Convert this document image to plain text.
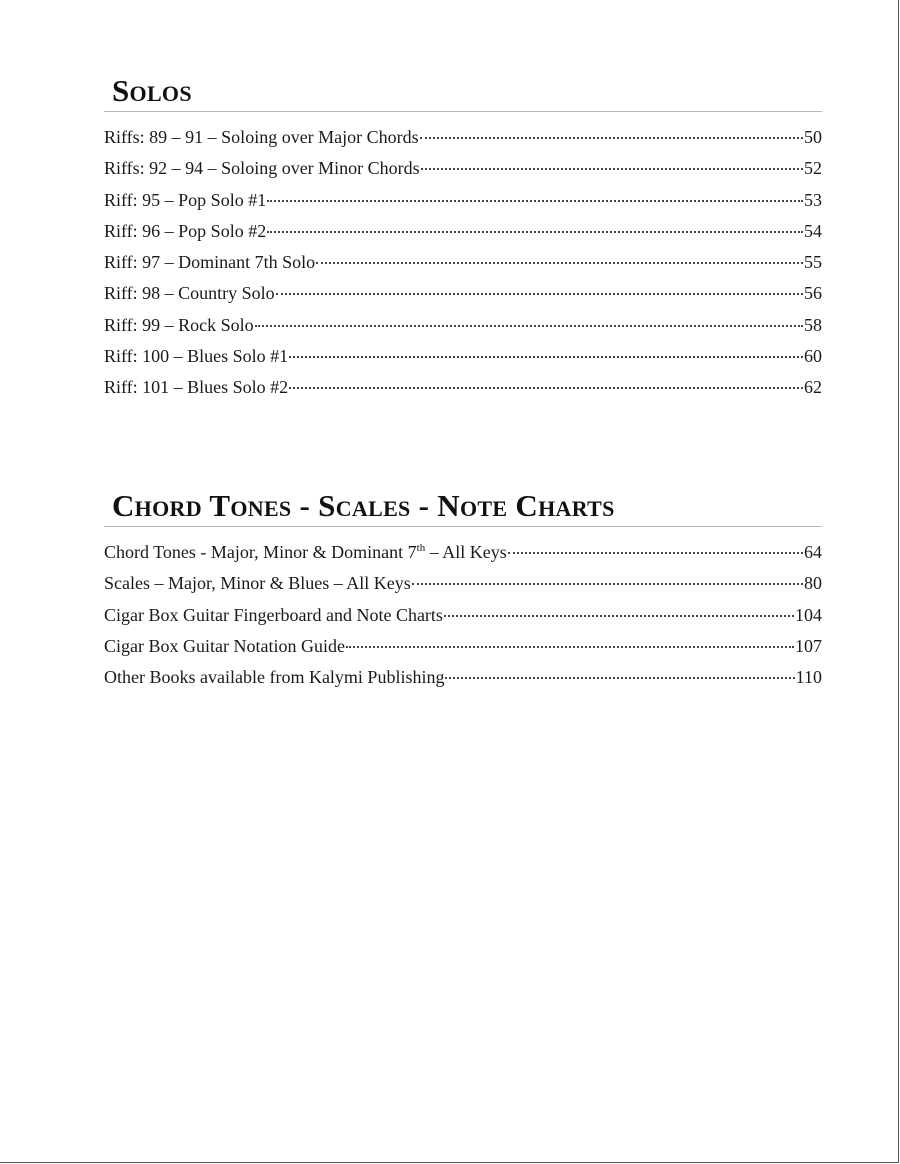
Solos
Riffs: 89 – 91 – Soloing over Major Chords	50
Riffs: 92 – 94 – Soloing over Minor Chords	52
Riff: 95 – Pop Solo #1	53
Riff: 96 – Pop Solo #2	54
Riff: 97 – Dominant 7th Solo	55
Riff: 98 – Country Solo	56
Riff: 99 – Rock Solo	58
Riff: 100 – Blues Solo #1	60
Riff: 101 – Blues Solo #2	62
Chord Tones - Scales - Note Charts
Chord Tones - Major, Minor & Dominant 7th – All Keys	64
Scales – Major, Minor & Blues – All Keys	80
Cigar Box Guitar Fingerboard and Note Charts	104
Cigar Box Guitar Notation Guide	107
Other Books available from Kalymi Publishing	110
